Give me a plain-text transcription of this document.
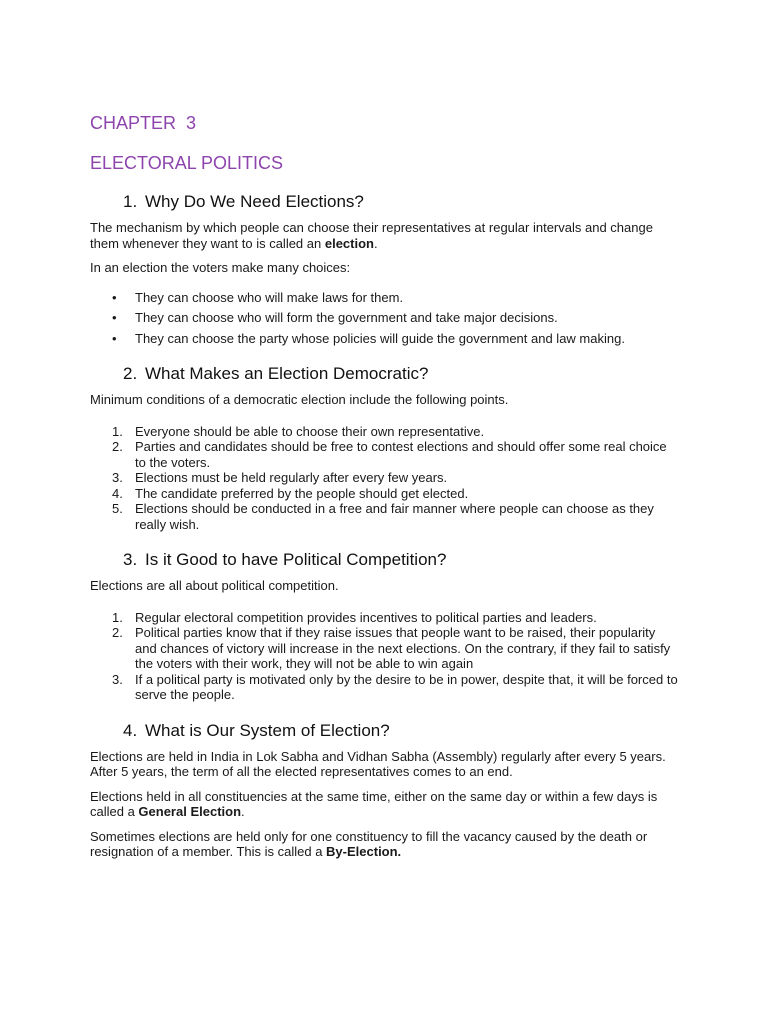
CHAPTER  3
ELECTORAL POLITICS
1. Why Do We Need Elections?

The mechanism by which people can choose their representatives at regular intervals and change them whenever they want to is called an election.

In an election the voters make many choices:

• They can choose who will make laws for them.
• They can choose who will form the government and take major decisions.
• They can choose the party whose policies will guide the government and law making.
2. What Makes an Election Democratic?

Minimum conditions of a democratic election include the following points.

1. Everyone should be able to choose their own representative.
2. Parties and candidates should be free to contest elections and should offer some real choice to the voters.
3. Elections must be held regularly after every few years.
4. The candidate preferred by the people should get elected.
5. Elections should be conducted in a free and fair manner where people can choose as they really wish.
3. Is it Good to have Political Competition?

Elections are all about political competition.

1. Regular electoral competition provides incentives to political parties and leaders.
2. Political parties know that if they raise issues that people want to be raised, their popularity and chances of victory will increase in the next elections. On the contrary, if they fail to satisfy the voters with their work, they will not be able to win again
3. If a political party is motivated only by the desire to be in power, despite that, it will be forced to serve the people.
4. What is Our System of Election?

Elections are held in India in Lok Sabha and Vidhan Sabha (Assembly) regularly after every 5 years. After 5 years, the term of all the elected representatives comes to an end.

Elections held in all constituencies at the same time, either on the same day or within a few days is called a General Election.

Sometimes elections are held only for one constituency to fill the vacancy caused by the death or resignation of a member. This is called a By-Election.
